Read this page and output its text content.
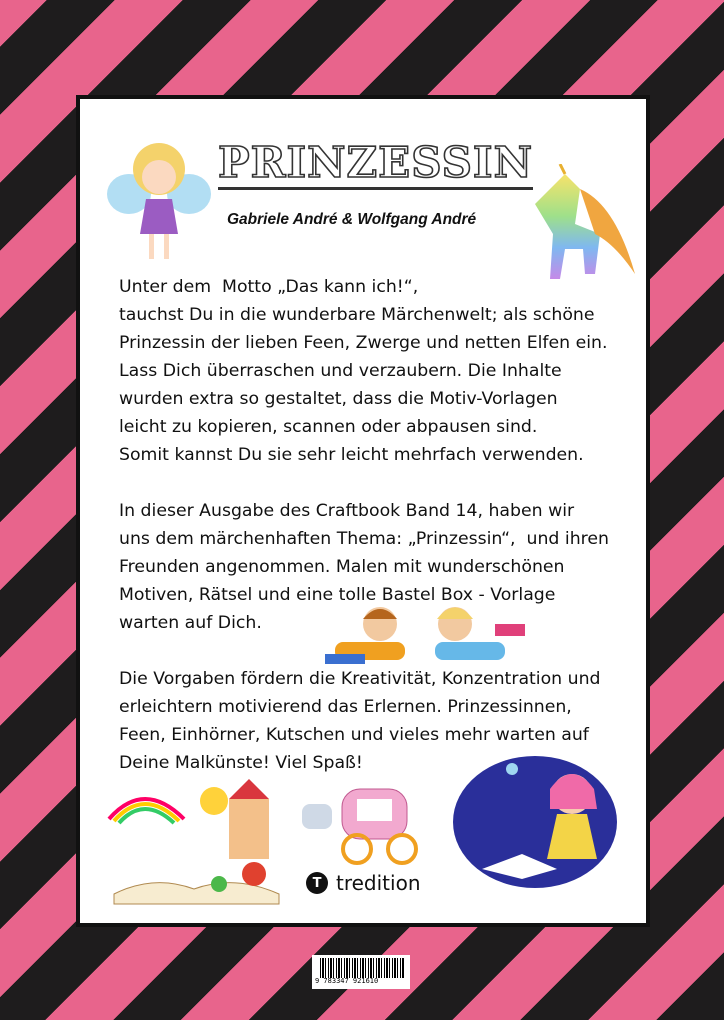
PRINZESSIN
Gabriele André & Wolfgang André
Unter dem  Motto „Das kann ich!“,
tauchst Du in die wunderbare Märchenwelt; als schöne
Prinzessin der lieben Feen, Zwerge und netten Elfen ein.
Lass Dich überraschen und verzaubern. Die Inhalte
wurden extra so gestaltet, dass die Motiv-Vorlagen
leicht zu kopieren, scannen oder abpausen sind.
Somit kannst Du sie sehr leicht mehrfach verwenden.
In dieser Ausgabe des Craftbook Band 14, haben wir
uns dem märchenhaften Thema: „Prinzessin“,  und ihren
Freunden angenommen. Malen mit wunderschönen
Motiven, Rätsel und eine tolle Bastel Box - Vorlage
warten auf Dich.
Die Vorgaben fördern die Kreativität, Konzentration und
erleichtern motivierend das Erlernen. Prinzessinnen,
Feen, Einhörner, Kutschen und vieles mehr warten auf
Deine Malkünste! Viel Spaß!
T tredition
9 783347 921610
